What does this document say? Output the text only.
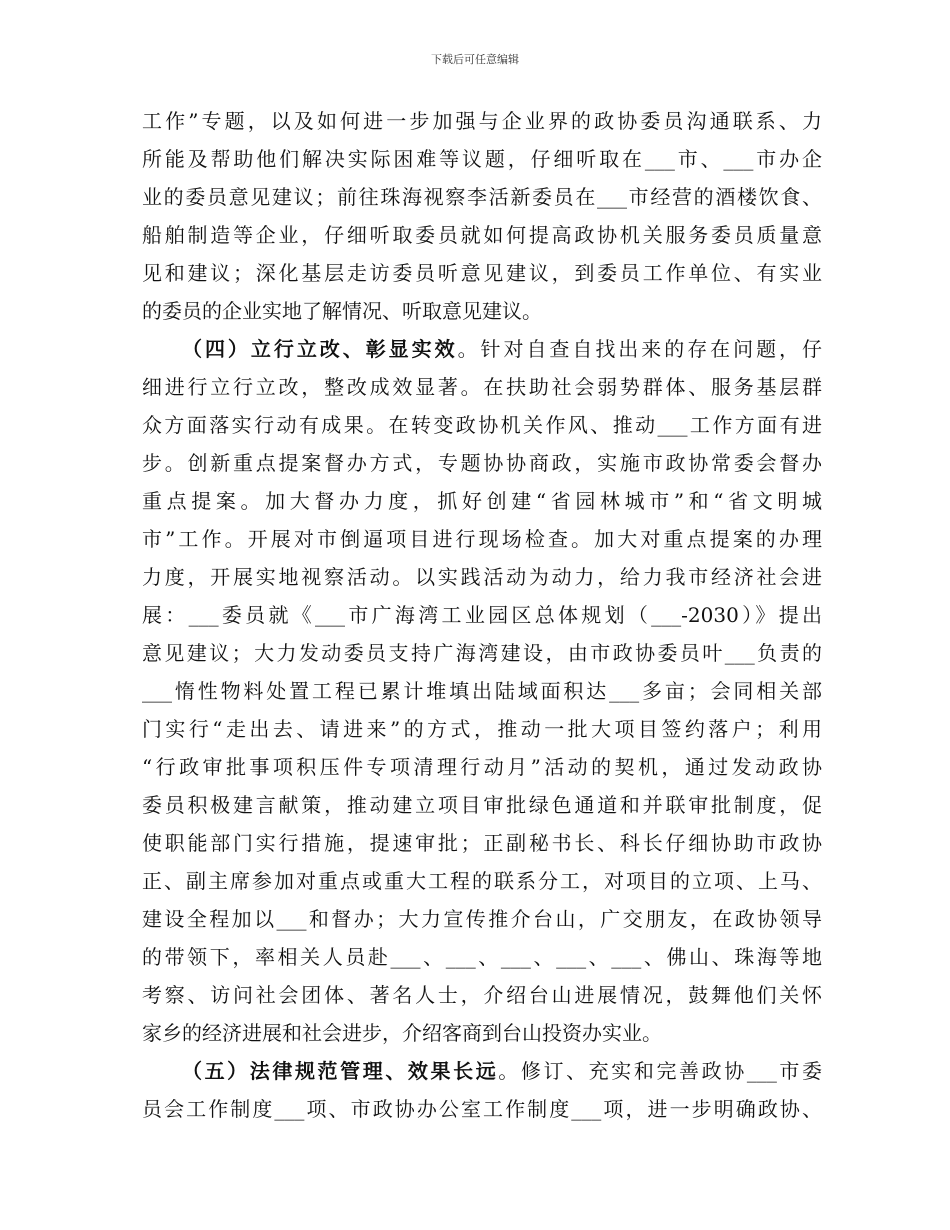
下载后可任意编辑
工作”专题，以及如何进一步加强与企业界的政协委员沟通联系、力
所能及帮助他们解决实际困难等议题，仔细听取在___市、___市办企
业的委员意见建议；前往珠海视察李活新委员在___市经营的酒楼饮食、
船舶制造等企业，仔细听取委员就如何提高政协机关服务委员质量意
见和建议；深化基层走访委员听意见建议，到委员工作单位、有实业
的委员的企业实地了解情况、听取意见建议。
（四）立行立改、彰显实效。针对自查自找出来的存在问题，仔
细进行立行立改，整改成效显著。在扶助社会弱势群体、服务基层群
众方面落实行动有成果。在转变政协机关作风、推动___工作方面有进
步。创新重点提案督办方式，专题协协商政，实施市政协常委会督办
重点提案。加大督办力度，抓好创建“省园林城市”和“省文明城
市”工作。开展对市倒逼项目进行现场检查。加大对重点提案的办理
力度，开展实地视察活动。以实践活动为动力，给力我市经济社会进
展：___委员就《___市广海湾工业园区总体规划（___-2030）》提出
意见建议；大力发动委员支持广海湾建设，由市政协委员叶___负责的
___惰性物料处置工程已累计堆填出陆域面积达___多亩；会同相关部
门实行“走出去、请进来”的方式，推动一批大项目签约落户；利用
“行政审批事项积压件专项清理行动月”活动的契机，通过发动政协
委员积极建言献策，推动建立项目审批绿色通道和并联审批制度，促
使职能部门实行措施，提速审批；正副秘书长、科长仔细协助市政协
正、副主席参加对重点或重大工程的联系分工，对项目的立项、上马、
建设全程加以___和督办；大力宣传推介台山，广交朋友，在政协领导
的带领下，率相关人员赴___、___、___、___、___、佛山、珠海等地
考察、访问社会团体、著名人士，介绍台山进展情况，鼓舞他们关怀
家乡的经济进展和社会进步，介绍客商到台山投资办实业。
（五）法律规范管理、效果长远。修订、充实和完善政协___市委
员会工作制度___项、市政协办公室工作制度___项，进一步明确政协、
